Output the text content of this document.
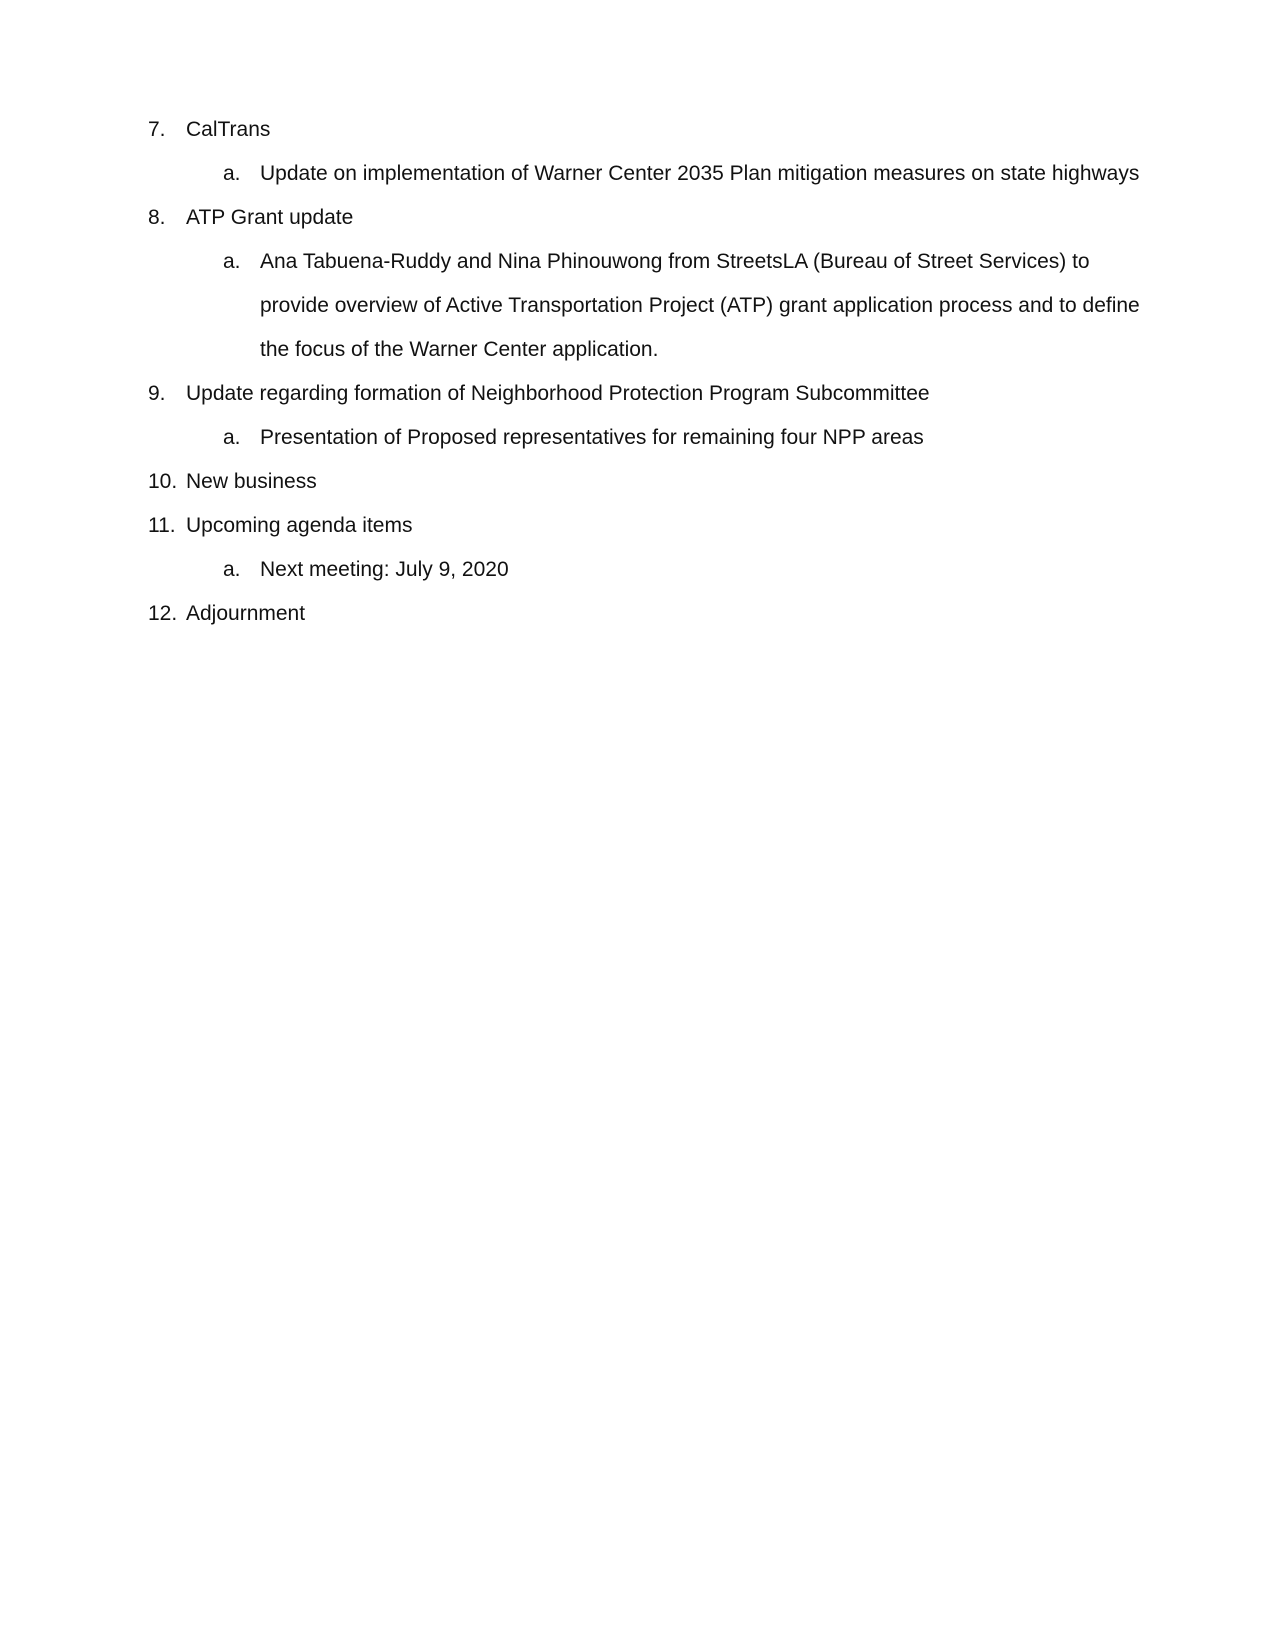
7. CalTrans
a. Update on implementation of Warner Center 2035 Plan mitigation measures on state highways
8. ATP Grant update
a. Ana Tabuena-Ruddy and Nina Phinouwong from StreetsLA (Bureau of Street Services) to provide overview of Active Transportation Project (ATP) grant application process and to define the focus of the Warner Center application.
9. Update regarding formation of Neighborhood Protection Program Subcommittee
a. Presentation of Proposed representatives for remaining four NPP areas
10. New business
11. Upcoming agenda items
a. Next meeting: July 9, 2020
12. Adjournment
